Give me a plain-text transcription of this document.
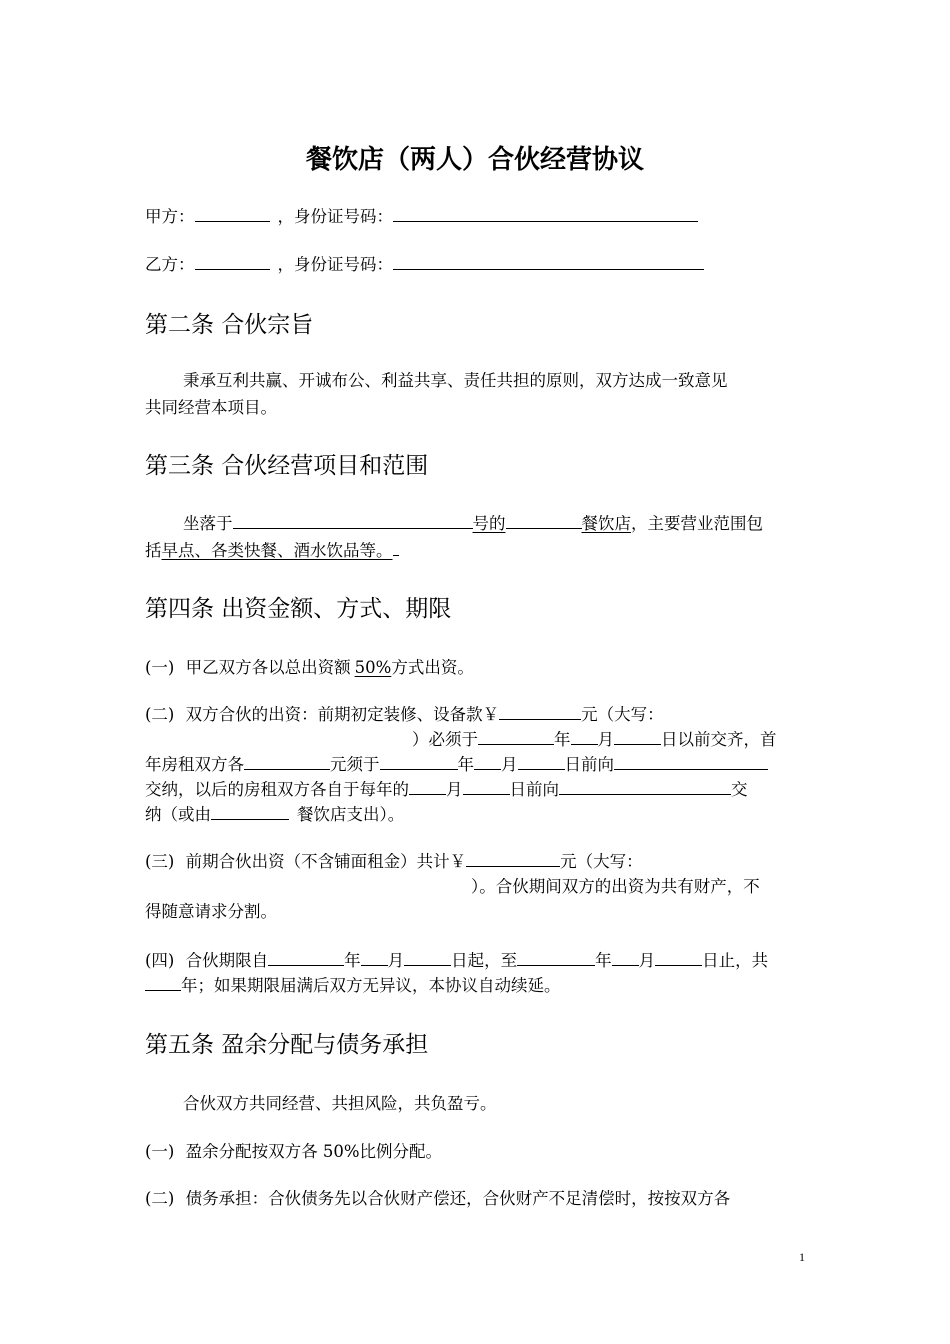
餐饮店（两人）合伙经营协议
甲方：	，身份证号码：
乙方：	，身份证号码：
第二条 合伙宗旨
秉承互利共赢、开诚布公、利益共享、责任共担的原则，双方达成一致意见
共同经营本项目。
第三条 合伙经营项目和范围
坐落于	号的	餐饮店，主要营业范围包
括早点、各类快餐、酒水饮品等。
第四条 出资金额、方式、期限
(一) 甲乙双方各以总出资额 50%方式出资。
(二) 双方合伙的出资：前期初定装修、设备款￥	元（大写：
）必须于	年 月	日以前交齐，首
年房租双方各	元须于	年 月	日前向
交纳，以后的房租双方各自于每年的 月	日前向	交
纳（或由	餐饮店支出）。
(三) 前期合伙出资（不含铺面租金）共计￥	元（大写：
）。合伙期间双方的出资为共有财产，不
得随意请求分割。
(四) 合伙期限自	年 月	日起，至	年 月	日止，共
年；如果期限届满后双方无异议，本协议自动续延。
第五条 盈余分配与债务承担
合伙双方共同经营、共担风险，共负盈亏。
(一) 盈余分配按双方各 50%比例分配。
(二) 债务承担：合伙债务先以合伙财产偿还，合伙财产不足清偿时，按按双方各
1
